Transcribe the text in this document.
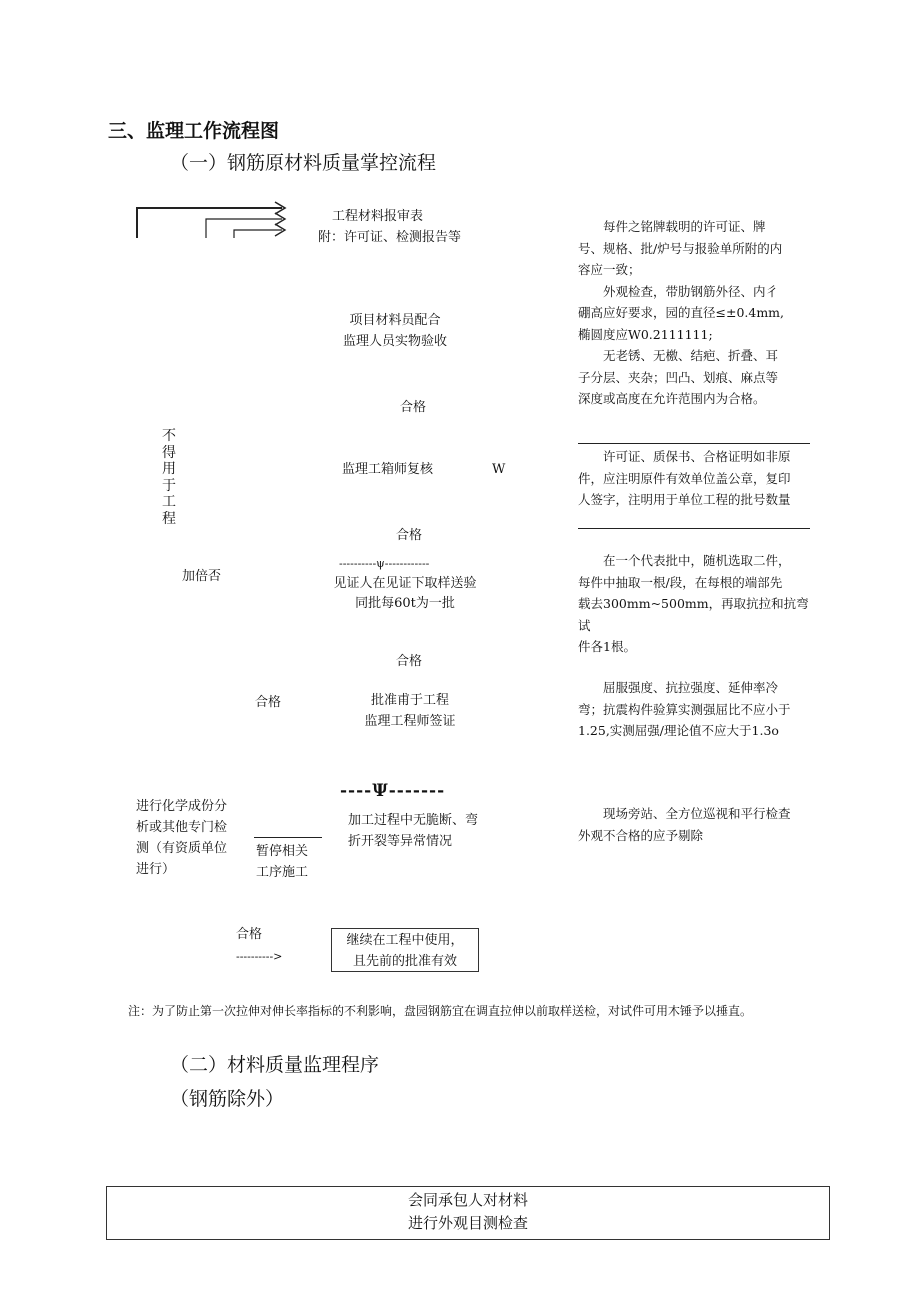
三、监理工作流程图
（一）钢筋原材料质量掌控流程
工程材料报审表
附：许可证、检测报告等
项目材料员配合
监理人员实物验收
合格
不得用于工程
监理工箱师复核	W
合格
加倍否
----------ψ------------
见证人在见证下取样送验
同批每60t为一批
合格
合格	批准甫于工程
监理工程师签证
进行化学成份分
析或其他专门检
测（有资质单位
进行）
----Ψ-------
加工过程中无脆断、弯
折开裂等异常情况
暂停相关
工序施工
合格
---------->
继续在工程中使用，
且先前的批准有效
每件之铭牌载明的许可证、牌
号、规格、批/炉号与报验单所附的内
容应一致；
外观检查，带肋钢筋外径、内彳
硼高应好要求，园的直径≤±0.4mm,
椭圆度应W0.2111111;
无老锈、无檄、结疤、折叠、耳
子分层、夹杂；凹凸、划痕、麻点等
深度或高度在允许范围内为合格。
许可证、质保书、合格证明如非原
件，应注明原件有效单位盖公章，复印
人签字，注明用于单位工程的批号数量
在一个代表批中，随机选取二件，
每件中抽取一根/段，在每根的端部先
载去300mm~500mm，再取抗拉和抗弯试
件各1根。
屈服强度、抗拉强度、延伸率冷
弯；抗震构件验算实测强屈比不应小于
1.25,实测屈强/理论值不应大于1.3o
现场旁站、全方位巡视和平行检查
外观不合格的应予剔除
注：为了防止第一次拉伸对伸长率指标的不利影响，盘园钢筋宜在调直拉伸以前取样送检，对试件可用木锤予以捶直。
（二）材料质量监理程序
（钢筋除外）
会同承包人对材料
进行外观目测检查
